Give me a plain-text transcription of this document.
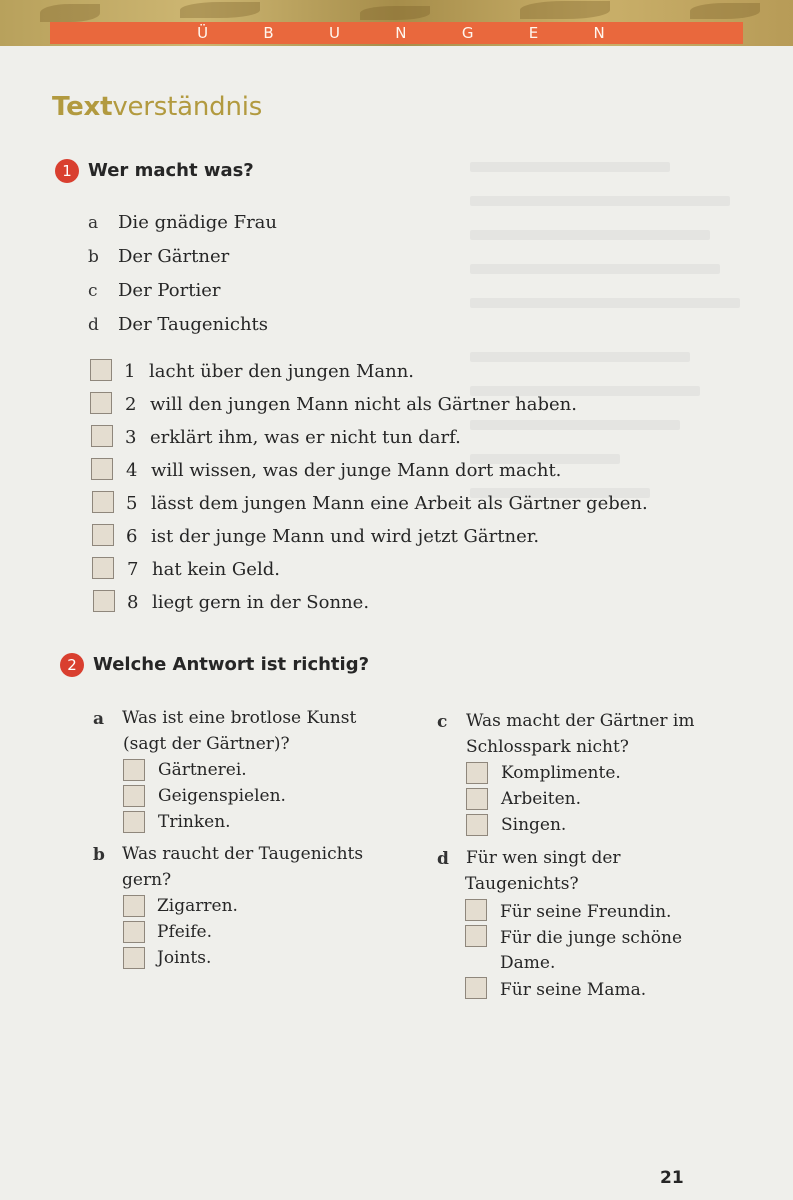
Ü	B	U	N	G	E	N
Textverständnis
1 Wer macht was?
a Die gnädige Frau
b Der Gärtner
c Der Portier
d Der Taugenichts
1 lacht über den jungen Mann.
2 will den jungen Mann nicht als Gärtner haben.
3 erklärt ihm, was er nicht tun darf.
4 will wissen, was der junge Mann dort macht.
5 lässt dem jungen Mann eine Arbeit als Gärtner geben.
6 ist der junge Mann und wird jetzt Gärtner.
7 hat kein Geld.
8 liegt gern in der Sonne.
2 Welche Antwort ist richtig?
a Was ist eine brotlose Kunst
(sagt der Gärtner)?
Gärtnerei.
Geigenspielen.
Trinken.
b Was raucht der Taugenichts
gern?
Zigarren.
Pfeife.
Joints.
c Was macht der Gärtner im
Schlosspark nicht?
Komplimente.
Arbeiten.
Singen.
d Für wen singt der
Taugenichts?
Für seine Freundin.
Für die junge schöne
Dame.
Für seine Mama.
21
